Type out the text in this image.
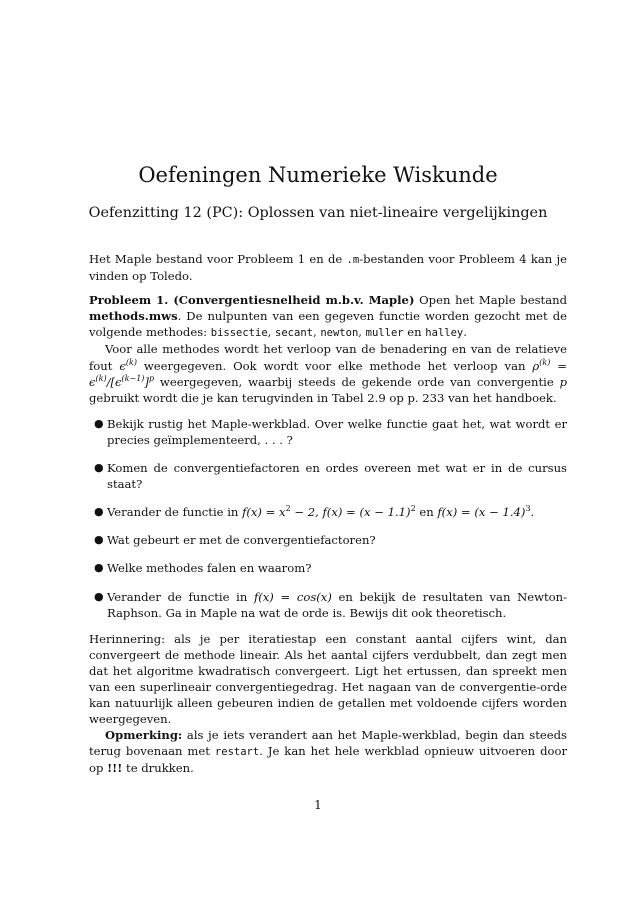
Oefeningen Numerieke Wiskunde
Oefenzitting 12 (PC): Oplossen van niet-lineaire vergelijkingen

Het Maple bestand voor Probleem 1 en de .m-bestanden voor Probleem 4 kan je vinden op Toledo.

Probleem 1. (Convergentiesnelheid m.b.v. Maple) Open het Maple bestand methods.mws. De nulpunten van een gegeven functie worden gezocht met de volgende methodes: bissectie, secant, newton, muller en halley.

Voor alle methodes wordt het verloop van de benadering en van de relatieve fout $\epsilon^{(k)}$ weergegeven. Ook wordt voor elke methode het verloop van $\rho^{(k)} = \epsilon^{(k)}/[\epsilon^{(k-1)}]^p$ weergegeven, waarbij steeds de gekende orde van convergentie p gebruikt wordt die je kan terugvinden in Tabel 2.9 op p. 233 van het handboek.

● Bekijk rustig het Maple-werkblad. Over welke functie gaat het, wat wordt er precies geïmplementeerd, . . . ?
● Komen de convergentiefactoren en ordes overeen met wat er in de cursus staat?
● Verander de functie in $f(x) = x^2 - 2$, $f(x) = (x - 1.1)^2$ en $f(x) = (x - 1.4)^3$.
● Wat gebeurt er met de convergentiefactoren?
● Welke methodes falen en waarom?
● Verander de functie in f(x) = cos(x) en bekijk de resultaten van Newton-Raphson. Ga in Maple na wat de orde is. Bewijs dit ook theoretisch.

Herinnering: als je per iteratiestap een constant aantal cijfers wint, dan convergeert de methode lineair. Als het aantal cijfers verdubbelt, dan zegt men dat het algoritme kwadratisch convergeert. Ligt het ertussen, dan spreekt men van een superlineair convergentiegedrag. Het nagaan van de convergentie-orde kan natuurlijk alleen gebeuren indien de getallen met voldoende cijfers worden weergegeven.

Opmerking: als je iets verandert aan het Maple-werkblad, begin dan steeds terug bovenaan met restart. Je kan het hele werkblad opnieuw uitvoeren door op !!! te drukken.

1
